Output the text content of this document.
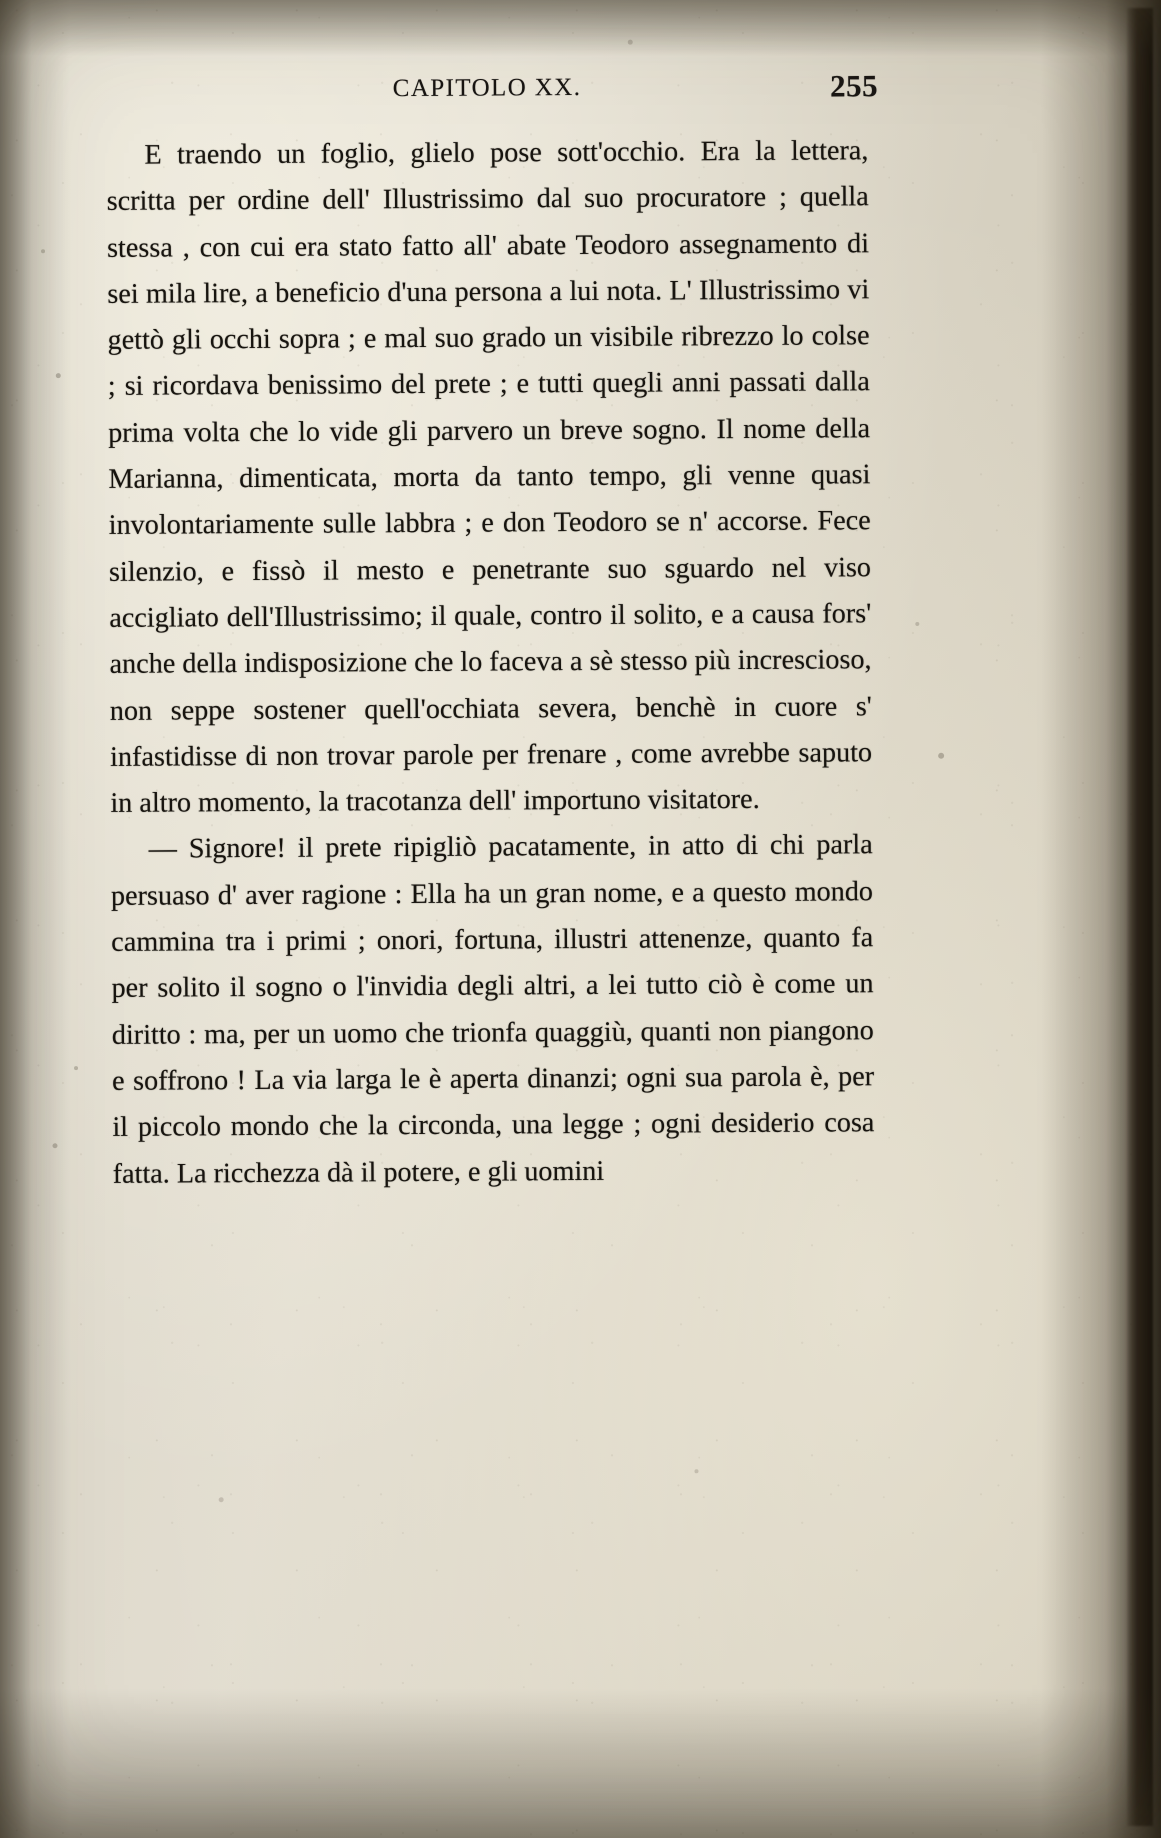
CAPITOLO XX.	255

E traendo un foglio, glielo pose sott'occhio. Era la lettera, scritta per ordine dell' Illustrissimo dal suo procuratore ; quella stessa , con cui era stato fatto all' abate Teodoro assegnamento di sei mila lire, a beneficio d'una persona a lui nota. L' Illustrissimo vi gettò gli occhi sopra ; e mal suo grado un visibile ribrezzo lo colse ; si ricordava benissimo del prete ; e tutti quegli anni passati dalla prima volta che lo vide gli parvero un breve sogno. Il nome della Marianna, dimenticata, morta da tanto tempo, gli venne quasi involontariamente sulle labbra ; e don Teodoro se n' accorse. Fece silenzio, e fissò il mesto e penetrante suo sguardo nel viso accigliato dell'Illustrissimo; il quale, contro il solito, e a causa fors' anche della indisposizione che lo faceva a sè stesso più increscioso, non seppe sostener quell'occhiata severa, benchè in cuore s' infastidisse di non trovar parole per frenare , come avrebbe saputo in altro momento, la tracotanza dell' importuno visitatore.

— Signore! il prete ripigliò pacatamente, in atto di chi parla persuaso d' aver ragione : Ella ha un gran nome, e a questo mondo cammina tra i primi ; onori, fortuna, illustri attenenze, quanto fa per solito il sogno o l'invidia degli altri, a lei tutto ciò è come un diritto : ma, per un uomo che trionfa quaggiù, quanti non piangono e soffrono ! La via larga le è aperta dinanzi; ogni sua parola è, per il piccolo mondo che la circonda, una legge ; ogni desiderio cosa fatta. La ricchezza dà il potere, e gli uomini
